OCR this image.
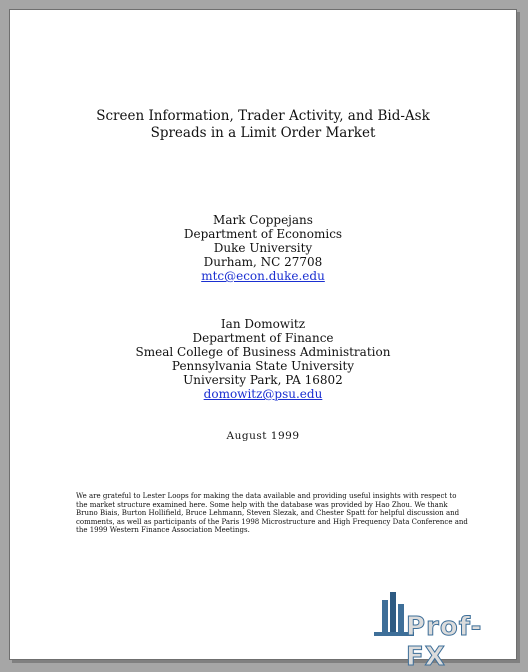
Screen Information, Trader Activity, and Bid-Ask
Spreads in a Limit Order Market
Mark Coppejans
Department of Economics
Duke University
Durham, NC 27708
mtc@econ.duke.edu
Ian Domowitz
Department of Finance
Smeal College of Business Administration
Pennsylvania State University
University Park, PA 16802
domowitz@psu.edu
August 1999
We are grateful to Lester Loops for making the data available and providing useful insights with respect to the market structure examined here. Some help with the database was provided by Hao Zhou. We thank Bruno Biais, Burton Hollifield, Bruce Lehmann, Steven Slezak, and Chester Spatt for helpful discussion and comments, as well as participants of the Paris 1998 Microstructure and High Frequency Data Conference and the 1999 Western Finance Association Meetings.
Prof-FX
